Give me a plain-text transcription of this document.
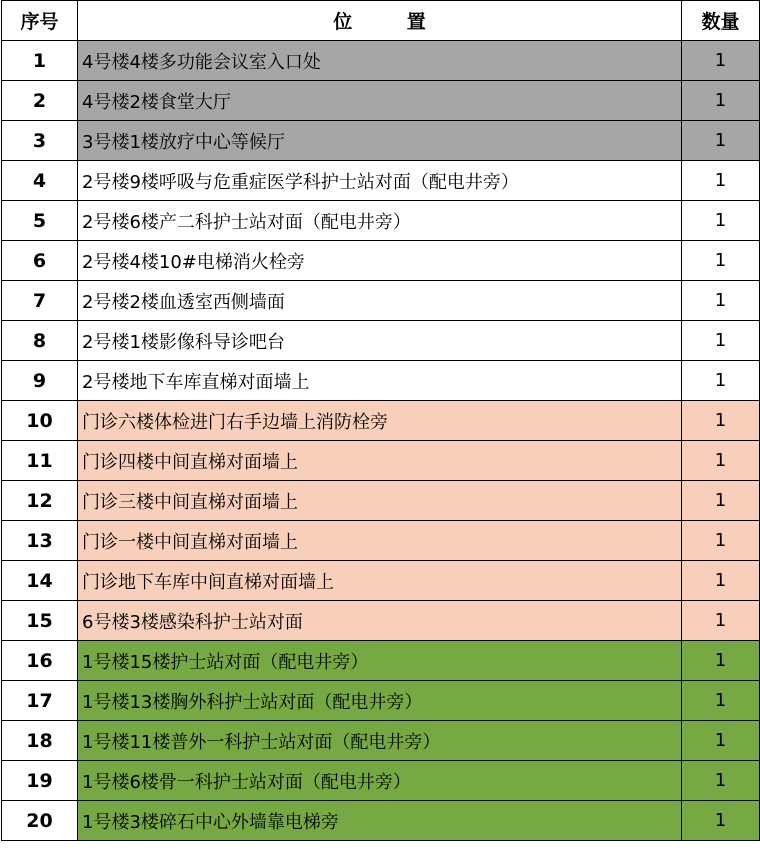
序号	位 置	数量
1	4号楼4楼多功能会议室入口处	1
2	4号楼2楼食堂大厅	1
3	3号楼1楼放疗中心等候厅	1
4	2号楼9楼呼吸与危重症医学科护士站对面（配电井旁）	1
5	2号楼6楼产二科护士站对面（配电井旁）	1
6	2号楼4楼10#电梯消火栓旁	1
7	2号楼2楼血透室西侧墙面	1
8	2号楼1楼影像科导诊吧台	1
9	2号楼地下车库直梯对面墙上	1
10	门诊六楼体检进门右手边墙上消防栓旁	1
11	门诊四楼中间直梯对面墙上	1
12	门诊三楼中间直梯对面墙上	1
13	门诊一楼中间直梯对面墙上	1
14	门诊地下车库中间直梯对面墙上	1
15	6号楼3楼感染科护士站对面	1
16	1号楼15楼护士站对面（配电井旁）	1
17	1号楼13楼胸外科护士站对面（配电井旁）	1
18	1号楼11楼普外一科护士站对面（配电井旁）	1
19	1号楼6楼骨一科护士站对面（配电井旁）	1
20	1号楼3楼碎石中心外墙靠电梯旁	1
